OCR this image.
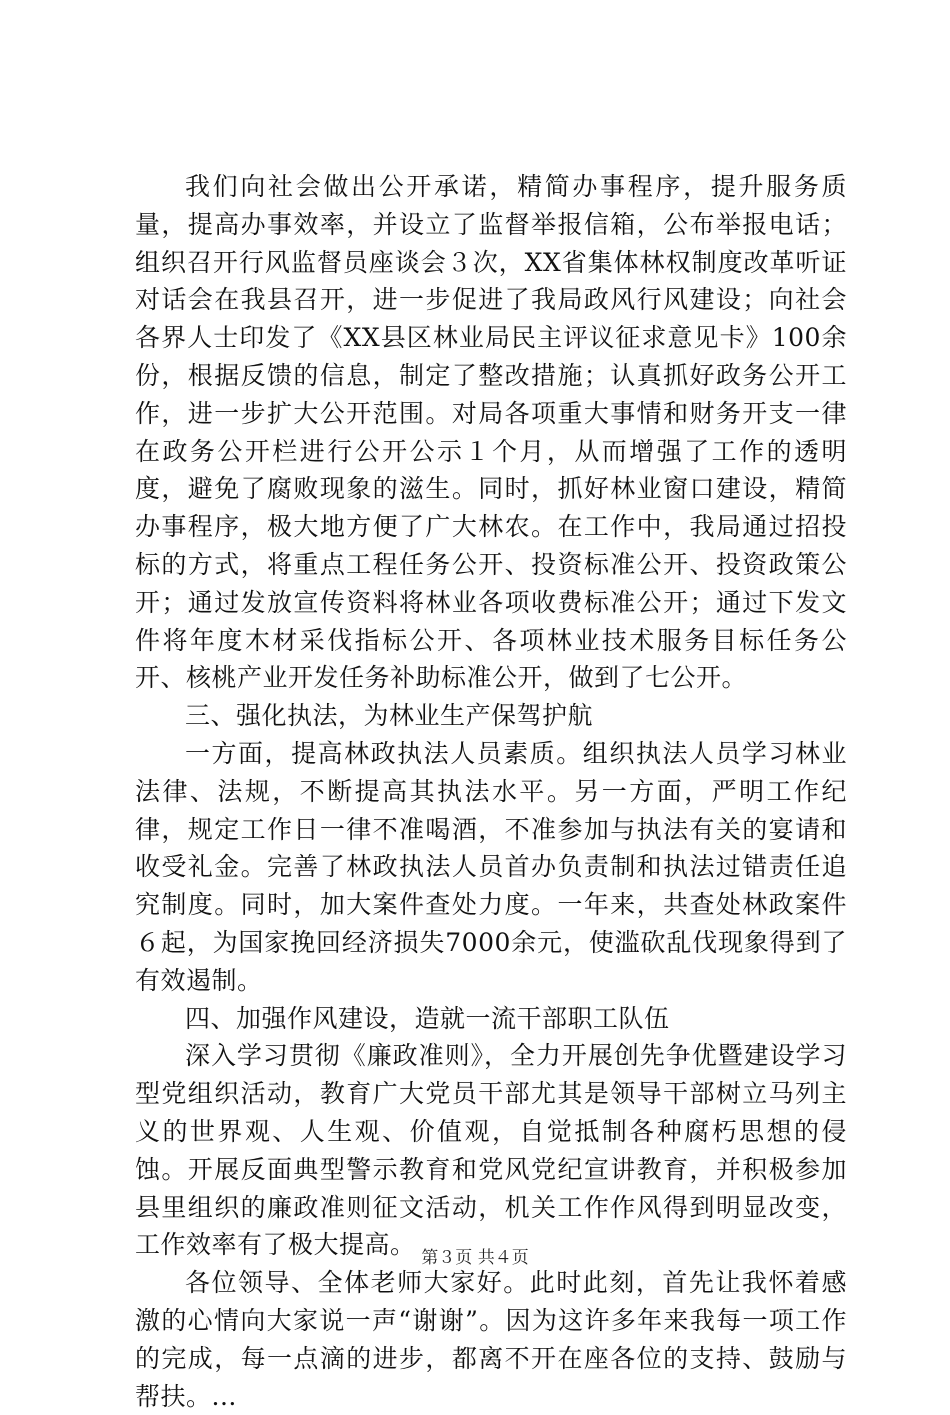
我们向社会做出公开承诺，精简办事程序，提升服务质量，提高办事效率，并设立了监督举报信箱，公布举报电话；组织召开行风监督员座谈会３次，XX省集体林权制度改革听证对话会在我县召开，进一步促进了我局政风行风建设；向社会各界人士印发了《XX县区林业局民主评议征求意见卡》100余份，根据反馈的信息，制定了整改措施；认真抓好政务公开工作，进一步扩大公开范围。对局各项重大事情和财务开支一律在政务公开栏进行公开公示１个月，从而增强了工作的透明度，避免了腐败现象的滋生。同时，抓好林业窗口建设，精简办事程序，极大地方便了广大林农。在工作中，我局通过招投标的方式，将重点工程任务公开、投资标准公开、投资政策公开；通过发放宣传资料将林业各项收费标准公开；通过下发文件将年度木材采伐指标公开、各项林业技术服务目标任务公开、核桃产业开发任务补助标准公开，做到了七公开。

三、强化执法，为林业生产保驾护航

一方面，提高林政执法人员素质。组织执法人员学习林业法律、法规，不断提高其执法水平。另一方面，严明工作纪律，规定工作日一律不准喝酒，不准参加与执法有关的宴请和收受礼金。完善了林政执法人员首办负责制和执法过错责任追究制度。同时，加大案件查处力度。一年来，共查处林政案件６起，为国家挽回经济损失7000余元，使滥砍乱伐现象得到了有效遏制。

四、加强作风建设，造就一流干部职工队伍

深入学习贯彻《廉政准则》，全力开展创先争优暨建设学习型党组织活动，教育广大党员干部尤其是领导干部树立马列主义的世界观、人生观、价值观，自觉抵制各种腐朽思想的侵蚀。开展反面典型警示教育和党风党纪宣讲教育，并积极参加县里组织的廉政准则征文活动，机关工作作风得到明显改变，工作效率有了极大提高。

各位领导、全体老师大家好。此时此刻，首先让我怀着感激的心情向大家说一声“谢谢”。因为这许多年来我每一项工作的完成，每一点滴的进步，都离不开在座各位的支持、鼓励与帮扶。...

第３页 共４页
